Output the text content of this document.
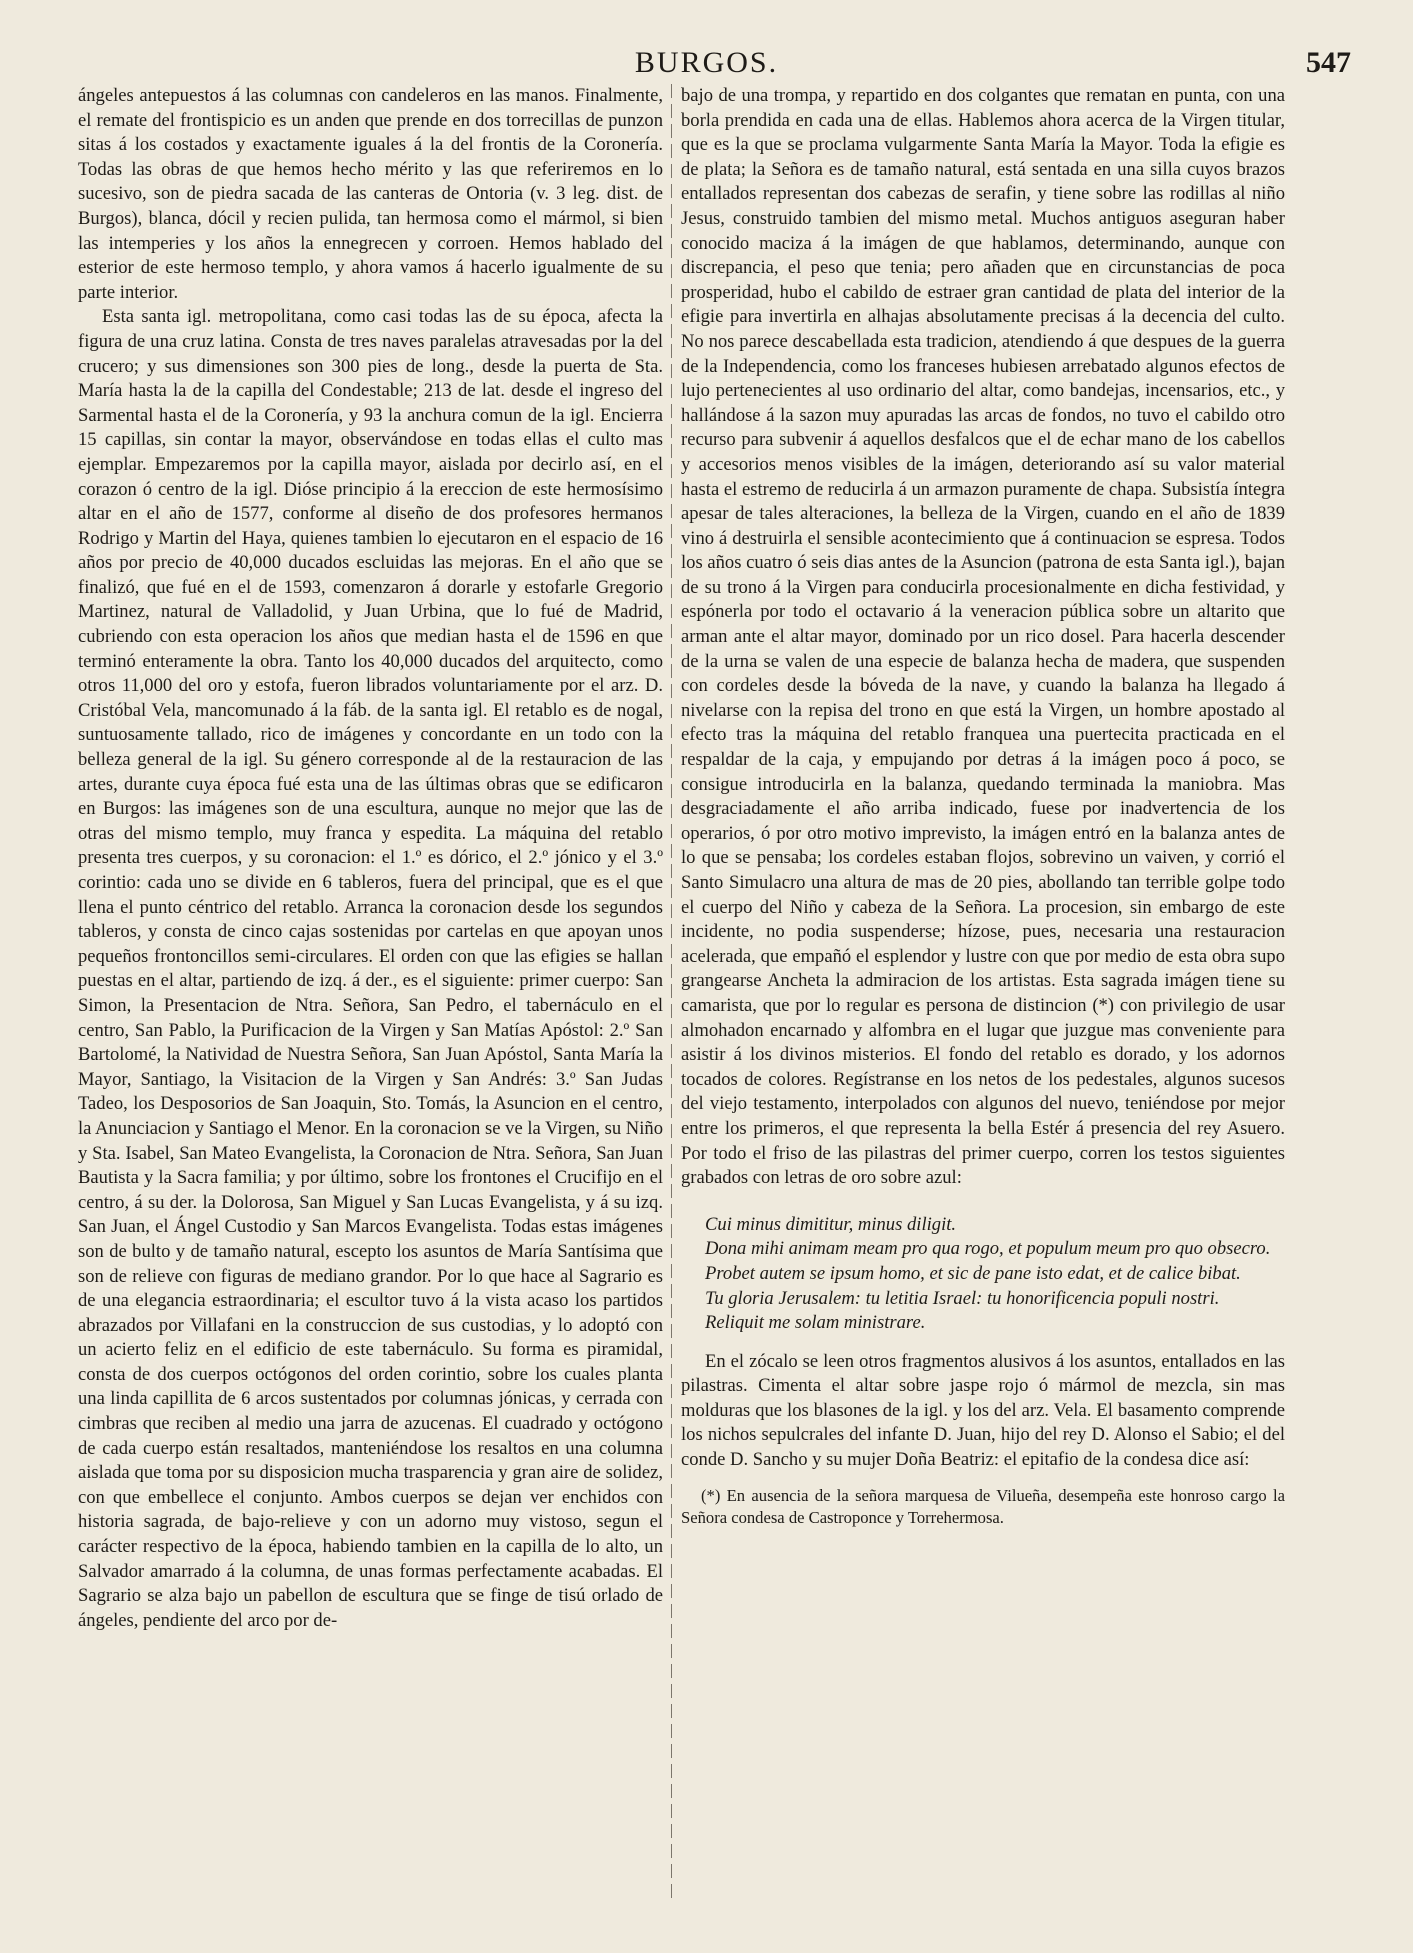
BURGOS.	547

ángeles antepuestos á las columnas con candeleros en las manos. Finalmente, el remate del frontispicio es un anden que prende en dos torrecillas de punzon sitas á los costados y exactamente iguales á la del frontis de la Coronería. Todas las obras de que hemos hecho mérito y las que referiremos en lo sucesivo, son de piedra sacada de las canteras de Ontoria (v. 3 leg. dist. de Burgos), blanca, dócil y recien pulida, tan hermosa como el mármol, si bien las intemperies y los años la ennegrecen y corroen. Hemos hablado del esterior de este hermoso templo, y ahora vamos á hacerlo igualmente de su parte interior.

Esta santa igl. metropolitana, como casi todas las de su época, afecta la figura de una cruz latina. Consta de tres naves paralelas atravesadas por la del crucero; y sus dimensiones son 300 pies de long., desde la puerta de Sta. María hasta la de la capilla del Condestable; 213 de lat. desde el ingreso del Sarmental hasta el de la Coronería, y 93 la anchura comun de la igl. Encierra 15 capillas, sin contar la mayor, observándose en todas ellas el culto mas ejemplar. Empezaremos por la capilla mayor, aislada por decirlo así, en el corazon ó centro de la igl. Dióse principio á la ereccion de este hermosísimo altar en el año de 1577, conforme al diseño de dos profesores hermanos Rodrigo y Martin del Haya, quienes tambien lo ejecutaron en el espacio de 16 años por precio de 40,000 ducados escluidas las mejoras. En el año que se finalizó, que fué en el de 1593, comenzaron á dorarle y estofarle Gregorio Martinez, natural de Valladolid, y Juan Urbina, que lo fué de Madrid, cubriendo con esta operacion los años que median hasta el de 1596 en que terminó enteramente la obra. Tanto los 40,000 ducados del arquitecto, como otros 11,000 del oro y estofa, fueron librados voluntariamente por el arz. D. Cristóbal Vela, mancomunado á la fáb. de la santa igl. El retablo es de nogal, suntuosamente tallado, rico de imágenes y concordante en un todo con la belleza general de la igl. Su género corresponde al de la restauracion de las artes, durante cuya época fué esta una de las últimas obras que se edificaron en Burgos: las imágenes son de una escultura, aunque no mejor que las de otras del mismo templo, muy franca y espedita. La máquina del retablo presenta tres cuerpos, y su coronacion: el 1.º es dórico, el 2.º jónico y el 3.º corintio: cada uno se divide en 6 tableros, fuera del principal, que es el que llena el punto céntrico del retablo. Arranca la coronacion desde los segundos tableros, y consta de cinco cajas sostenidas por cartelas en que apoyan unos pequeños frontoncillos semi-circulares. El orden con que las efigies se hallan puestas en el altar, partiendo de izq. á der., es el siguiente: primer cuerpo: San Simon, la Presentacion de Ntra. Señora, San Pedro, el tabernáculo en el centro, San Pablo, la Purificacion de la Virgen y San Matías Apóstol: 2.º San Bartolomé, la Natividad de Nuestra Señora, San Juan Apóstol, Santa María la Mayor, Santiago, la Visitacion de la Virgen y San Andrés: 3.º San Judas Tadeo, los Desposorios de San Joaquin, Sto. Tomás, la Asuncion en el centro, la Anunciacion y Santiago el Menor. En la coronacion se ve la Virgen, su Niño y Sta. Isabel, San Mateo Evangelista, la Coronacion de Ntra. Señora, San Juan Bautista y la Sacra familia; y por último, sobre los frontones el Crucifijo en el centro, á su der. la Dolorosa, San Miguel y San Lucas Evangelista, y á su izq. San Juan, el Ángel Custodio y San Marcos Evangelista. Todas estas imágenes son de bulto y de tamaño natural, escepto los asuntos de María Santísima que son de relieve con figuras de mediano grandor. Por lo que hace al Sagrario es de una elegancia estraordinaria; el escultor tuvo á la vista acaso los partidos abrazados por Villafani en la construccion de sus custodias, y lo adoptó con un acierto feliz en el edificio de este tabernáculo. Su forma es piramidal, consta de dos cuerpos octógonos del orden corintio, sobre los cuales planta una linda capillita de 6 arcos sustentados por columnas jónicas, y cerrada con cimbras que reciben al medio una jarra de azucenas. El cuadrado y octógono de cada cuerpo están resaltados, manteniéndose los resaltos en una columna aislada que toma por su disposicion mucha trasparencia y gran aire de solidez, con que embellece el conjunto. Ambos cuerpos se dejan ver enchidos con historia sagrada, de bajo-relieve y con un adorno muy vistoso, segun el carácter respectivo de la época, habiendo tambien en la capilla de lo alto, un Salvador amarrado á la columna, de unas formas perfectamente acabadas. El Sagrario se alza bajo un pabellon de escultura que se finge de tisú orlado de ángeles, pendiente del arco por de-

bajo de una trompa, y repartido en dos colgantes que rematan en punta, con una borla prendida en cada una de ellas. Hablemos ahora acerca de la Virgen titular, que es la que se proclama vulgarmente Santa María la Mayor. Toda la efigie es de plata; la Señora es de tamaño natural, está sentada en una silla cuyos brazos entallados representan dos cabezas de serafin, y tiene sobre las rodillas al niño Jesus, construido tambien del mismo metal. Muchos antiguos aseguran haber conocido maciza á la imágen de que hablamos, determinando, aunque con discrepancia, el peso que tenia; pero añaden que en circunstancias de poca prosperidad, hubo el cabildo de estraer gran cantidad de plata del interior de la efigie para invertirla en alhajas absolutamente precisas á la decencia del culto. No nos parece descabellada esta tradicion, atendiendo á que despues de la guerra de la Independencia, como los franceses hubiesen arrebatado algunos efectos de lujo pertenecientes al uso ordinario del altar, como bandejas, incensarios, etc., y hallándose á la sazon muy apuradas las arcas de fondos, no tuvo el cabildo otro recurso para subvenir á aquellos desfalcos que el de echar mano de los cabellos y accesorios menos visibles de la imágen, deteriorando así su valor material hasta el estremo de reducirla á un armazon puramente de chapa. Subsistía íntegra apesar de tales alteraciones, la belleza de la Virgen, cuando en el año de 1839 vino á destruirla el sensible acontecimiento que á continuacion se espresa. Todos los años cuatro ó seis dias antes de la Asuncion (patrona de esta Santa igl.), bajan de su trono á la Virgen para conducirla procesionalmente en dicha festividad, y espónerla por todo el octavario á la veneracion pública sobre un altarito que arman ante el altar mayor, dominado por un rico dosel. Para hacerla descender de la urna se valen de una especie de balanza hecha de madera, que suspenden con cordeles desde la bóveda de la nave, y cuando la balanza ha llegado á nivelarse con la repisa del trono en que está la Virgen, un hombre apostado al efecto tras la máquina del retablo franquea una puertecita practicada en el respaldar de la caja, y empujando por detras á la imágen poco á poco, se consigue introducirla en la balanza, quedando terminada la maniobra. Mas desgraciadamente el año arriba indicado, fuese por inadvertencia de los operarios, ó por otro motivo imprevisto, la imágen entró en la balanza antes de lo que se pensaba; los cordeles estaban flojos, sobrevino un vaiven, y corrió el Santo Simulacro una altura de mas de 20 pies, abollando tan terrible golpe todo el cuerpo del Niño y cabeza de la Señora. La procesion, sin embargo de este incidente, no podia suspenderse; hízose, pues, necesaria una restauracion acelerada, que empañó el esplendor y lustre con que por medio de esta obra supo grangearse Ancheta la admiracion de los artistas. Esta sagrada imágen tiene su camarista, que por lo regular es persona de distincion (*) con privilegio de usar almohadon encarnado y alfombra en el lugar que juzgue mas conveniente para asistir á los divinos misterios. El fondo del retablo es dorado, y los adornos tocados de colores. Regístranse en los netos de los pedestales, algunos sucesos del viejo testamento, interpolados con algunos del nuevo, teniéndose por mejor entre los primeros, el que representa la bella Estér á presencia del rey Asuero. Por todo el friso de las pilastras del primer cuerpo, corren los testos siguientes grabados con letras de oro sobre azul:

Cui minus dimititur, minus diligit.

Dona mihi animam meam pro qua rogo, et populum meum pro quo obsecro.

Probet autem se ipsum homo, et sic de pane isto edat, et de calice bibat.

Tu gloria Jerusalem: tu letitia Israel: tu honorificencia populi nostri.

Reliquit me solam ministrare.

En el zócalo se leen otros fragmentos alusivos á los asuntos, entallados en las pilastras. Cimenta el altar sobre jaspe rojo ó mármol de mezcla, sin mas molduras que los blasones de la igl. y los del arz. Vela. El basamento comprende los nichos sepulcrales del infante D. Juan, hijo del rey D. Alonso el Sabio; el del conde D. Sancho y su mujer Doña Beatriz: el epitafio de la condesa dice así:

(*) En ausencia de la señora marquesa de Vilueña, desempeña este honroso cargo la Señora condesa de Castroponce y Torrehermosa.
